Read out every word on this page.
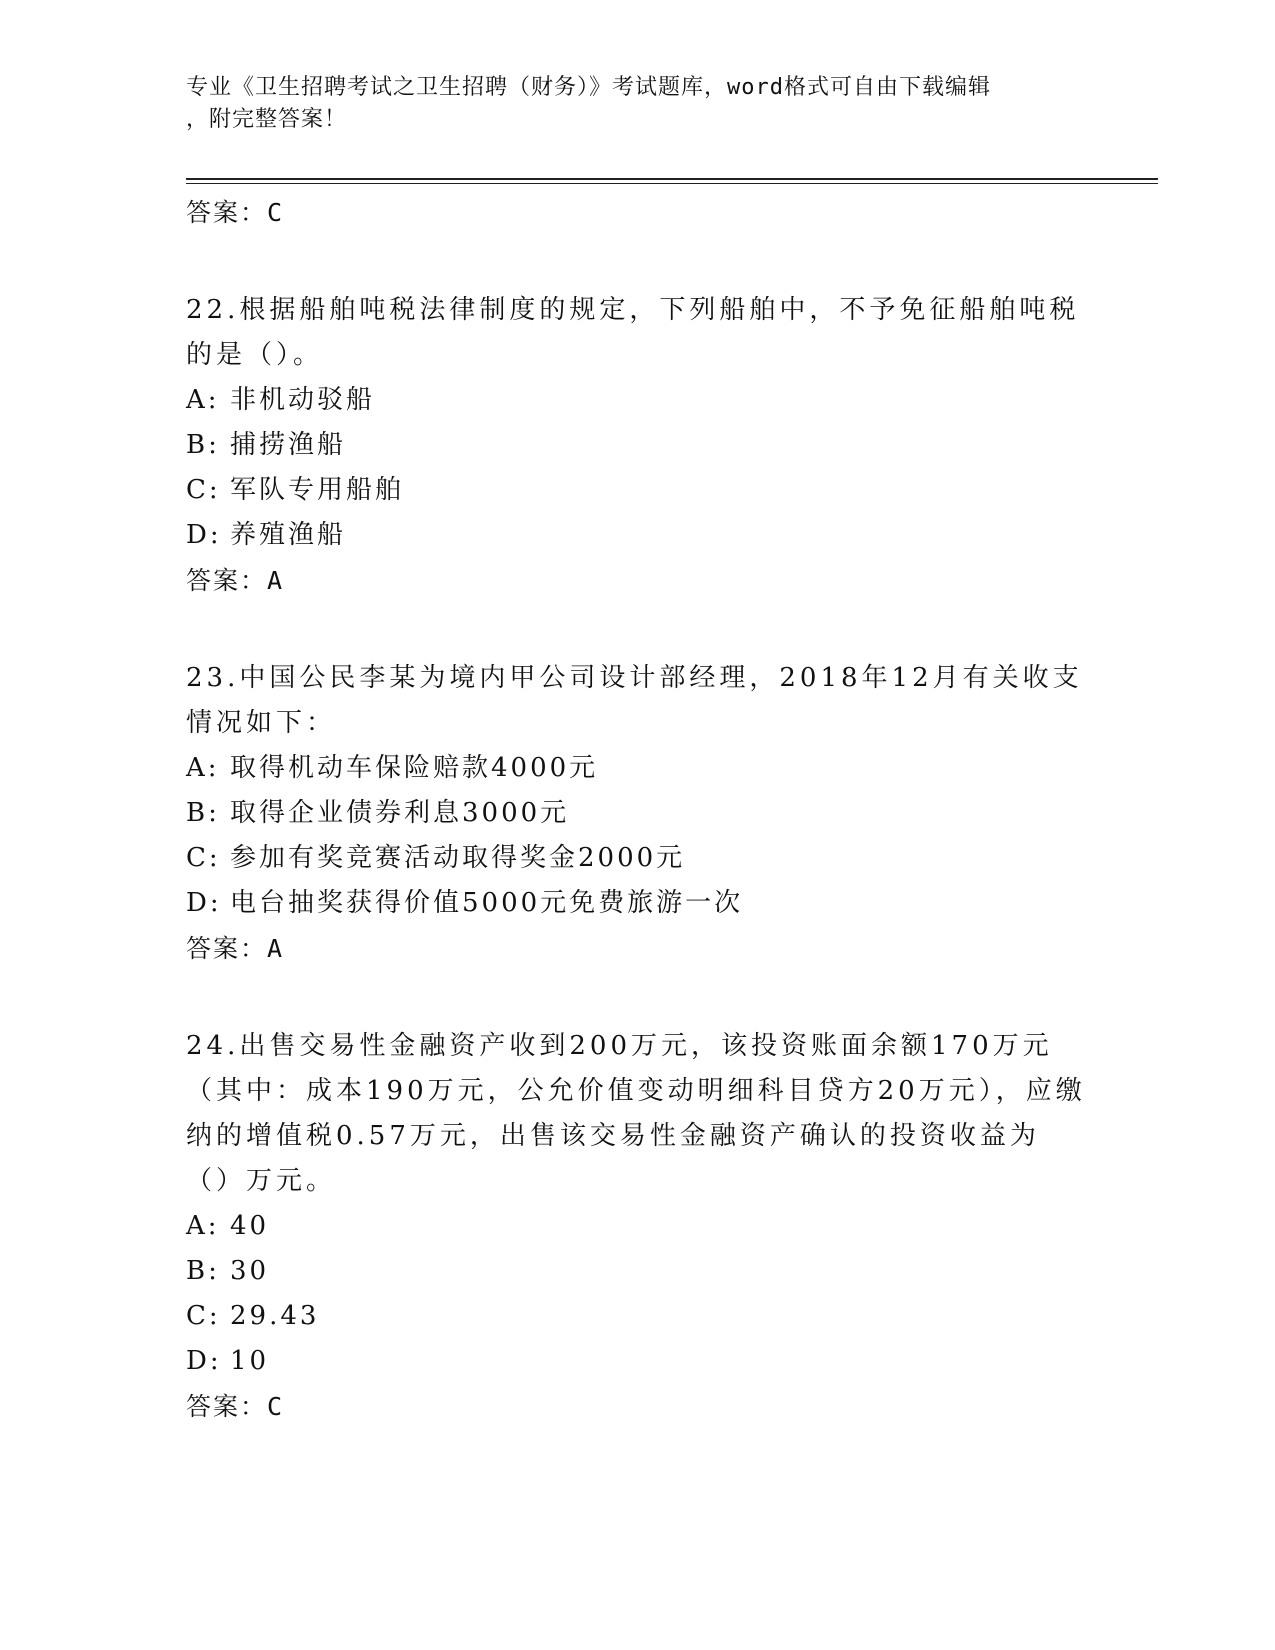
专业《卫生招聘考试之卫生招聘（财务）》考试题库，word格式可自由下载编辑
，附完整答案！
答案：C
22.根据船舶吨税法律制度的规定，下列船舶中，不予免征船舶吨税的是（）。
A: 非机动驳船
B: 捕捞渔船
C: 军队专用船舶
D: 养殖渔船
答案：A
23.中国公民李某为境内甲公司设计部经理，2018年12月有关收支情况如下：
A: 取得机动车保险赔款4000元
B: 取得企业债券利息3000元
C: 参加有奖竞赛活动取得奖金2000元
D: 电台抽奖获得价值5000元免费旅游一次
答案：A
24.出售交易性金融资产收到200万元，该投资账面余额170万元（其中：成本190万元，公允价值变动明细科目贷方20万元），应缴纳的增值税0.57万元，出售该交易性金融资产确认的投资收益为（）万元。
A: 40
B: 30
C: 29.43
D: 10
答案：C
